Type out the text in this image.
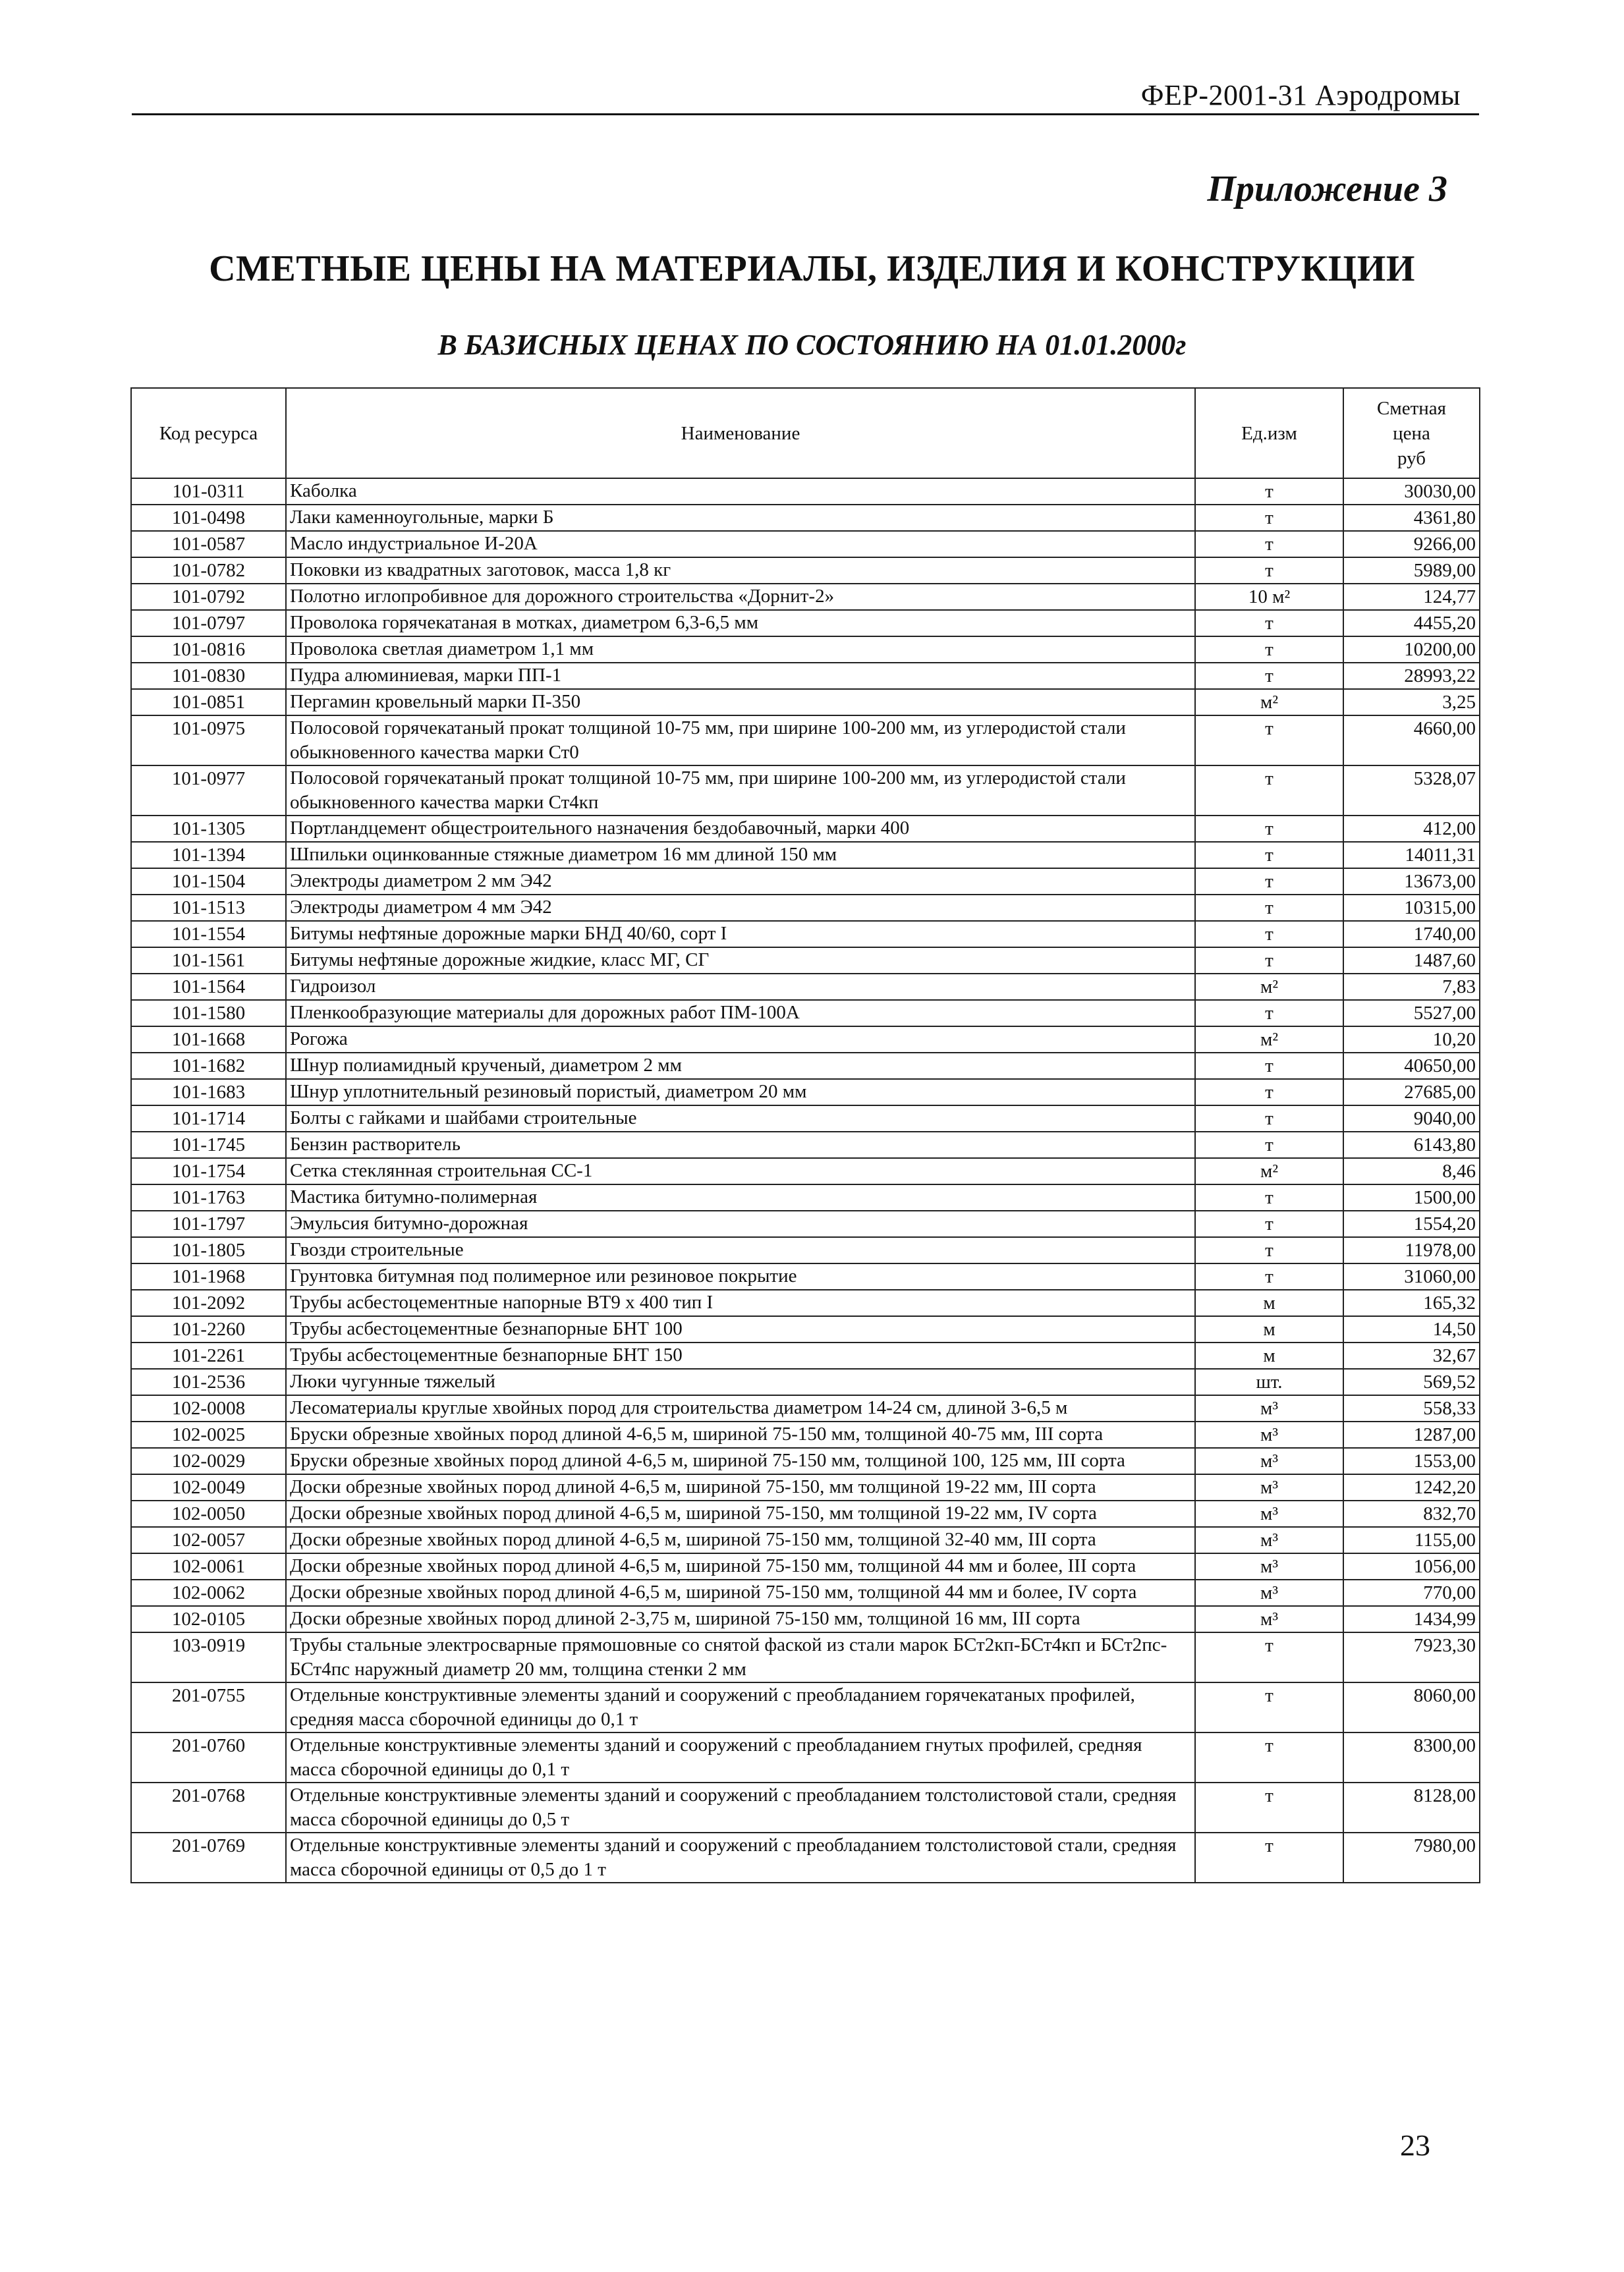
ФЕР-2001-31 Аэродромы
Приложение 3
СМЕТНЫЕ ЦЕНЫ НА МАТЕРИАЛЫ, ИЗДЕЛИЯ И КОНСТРУКЦИИ
В БАЗИСНЫХ ЦЕНАХ ПО СОСТОЯНИЮ НА 01.01.2000г
Код ресурса	Наименование	Ед.изм	Сметная
цена
руб
101-0311	Каболка	т	30030,00
101-0498	Лаки каменноугольные, марки Б	т	4361,80
101-0587	Масло индустриальное И-20А	т	9266,00
101-0782	Поковки из квадратных заготовок, масса 1,8 кг	т	5989,00
101-0792	Полотно иглопробивное для дорожного строительства «Дорнит-2»	10 м²	124,77
101-0797	Проволока горячекатаная в мотках, диаметром 6,3-6,5 мм	т	4455,20
101-0816	Проволока светлая диаметром 1,1 мм	т	10200,00
101-0830	Пудра алюминиевая, марки ПП-1	т	28993,22
101-0851	Пергамин кровельный марки П-350	м²	3,25
101-0975	Полосовой горячекатаный прокат толщиной 10-75 мм, при ширине 100-200 мм, из углеродистой стали обыкновенного качества марки Ст0	т	4660,00
101-0977	Полосовой горячекатаный прокат толщиной 10-75 мм, при ширине 100-200 мм, из углеродистой стали обыкновенного качества марки Ст4кп	т	5328,07
101-1305	Портландцемент общестроительного назначения бездобавочный, марки 400	т	412,00
101-1394	Шпильки оцинкованные стяжные диаметром 16 мм длиной 150 мм	т	14011,31
101-1504	Электроды диаметром 2 мм Э42	т	13673,00
101-1513	Электроды диаметром 4 мм Э42	т	10315,00
101-1554	Битумы нефтяные дорожные марки БНД 40/60, сорт I	т	1740,00
101-1561	Битумы нефтяные дорожные жидкие, класс МГ, СГ	т	1487,60
101-1564	Гидроизол	м²	7,83
101-1580	Пленкообразующие материалы для дорожных работ ПМ-100А	т	5527,00
101-1668	Рогожа	м²	10,20
101-1682	Шнур полиамидный крученый, диаметром 2 мм	т	40650,00
101-1683	Шнур уплотнительный резиновый пористый, диаметром 20 мм	т	27685,00
101-1714	Болты с гайками и шайбами строительные	т	9040,00
101-1745	Бензин растворитель	т	6143,80
101-1754	Сетка стеклянная строительная СС-1	м²	8,46
101-1763	Мастика битумно-полимерная	т	1500,00
101-1797	Эмульсия битумно-дорожная	т	1554,20
101-1805	Гвозди строительные	т	11978,00
101-1968	Грунтовка битумная под полимерное или резиновое покрытие	т	31060,00
101-2092	Трубы асбестоцементные напорные ВТ9 х 400 тип I	м	165,32
101-2260	Трубы асбестоцементные безнапорные БНТ 100	м	14,50
101-2261	Трубы асбестоцементные безнапорные БНТ 150	м	32,67
101-2536	Люки чугунные тяжелый	шт.	569,52
102-0008	Лесоматериалы круглые хвойных пород для строительства диаметром 14-24 см, длиной 3-6,5 м	м³	558,33
102-0025	Бруски обрезные хвойных пород длиной 4-6,5 м, шириной 75-150 мм, толщиной 40-75 мм, III сорта	м³	1287,00
102-0029	Бруски обрезные хвойных пород длиной 4-6,5 м, шириной 75-150 мм, толщиной 100, 125 мм, III сорта	м³	1553,00
102-0049	Доски обрезные хвойных пород длиной 4-6,5 м, шириной 75-150, мм толщиной 19-22 мм, III сорта	м³	1242,20
102-0050	Доски обрезные хвойных пород длиной 4-6,5 м, шириной 75-150, мм толщиной 19-22 мм, IV сорта	м³	832,70
102-0057	Доски обрезные хвойных пород длиной 4-6,5 м, шириной 75-150 мм, толщиной 32-40 мм, III сорта	м³	1155,00
102-0061	Доски обрезные хвойных пород длиной 4-6,5 м, шириной 75-150 мм, толщиной 44 мм и более, III сорта	м³	1056,00
102-0062	Доски обрезные хвойных пород длиной 4-6,5 м, шириной 75-150 мм, толщиной 44 мм и более, IV сорта	м³	770,00
102-0105	Доски обрезные хвойных пород длиной 2-3,75 м, шириной 75-150 мм, толщиной 16 мм, III сорта	м³	1434,99
103-0919	Трубы стальные электросварные прямошовные со снятой фаской из стали марок БСт2кп-БСт4кп и БСт2пс-БСт4пс наружный диаметр 20 мм, толщина стенки 2 мм	т	7923,30
201-0755	Отдельные конструктивные элементы зданий и сооружений с преобладанием горячекатаных профилей, средняя масса сборочной единицы до 0,1 т	т	8060,00
201-0760	Отдельные конструктивные элементы зданий и сооружений с преобладанием гнутых профилей, средняя масса сборочной единицы до 0,1 т	т	8300,00
201-0768	Отдельные конструктивные элементы зданий и сооружений с преобладанием толстолистовой стали, средняя масса сборочной единицы до 0,5 т	т	8128,00
201-0769	Отдельные конструктивные элементы зданий и сооружений с преобладанием толстолистовой стали, средняя масса сборочной единицы от 0,5 до 1 т	т	7980,00
23
